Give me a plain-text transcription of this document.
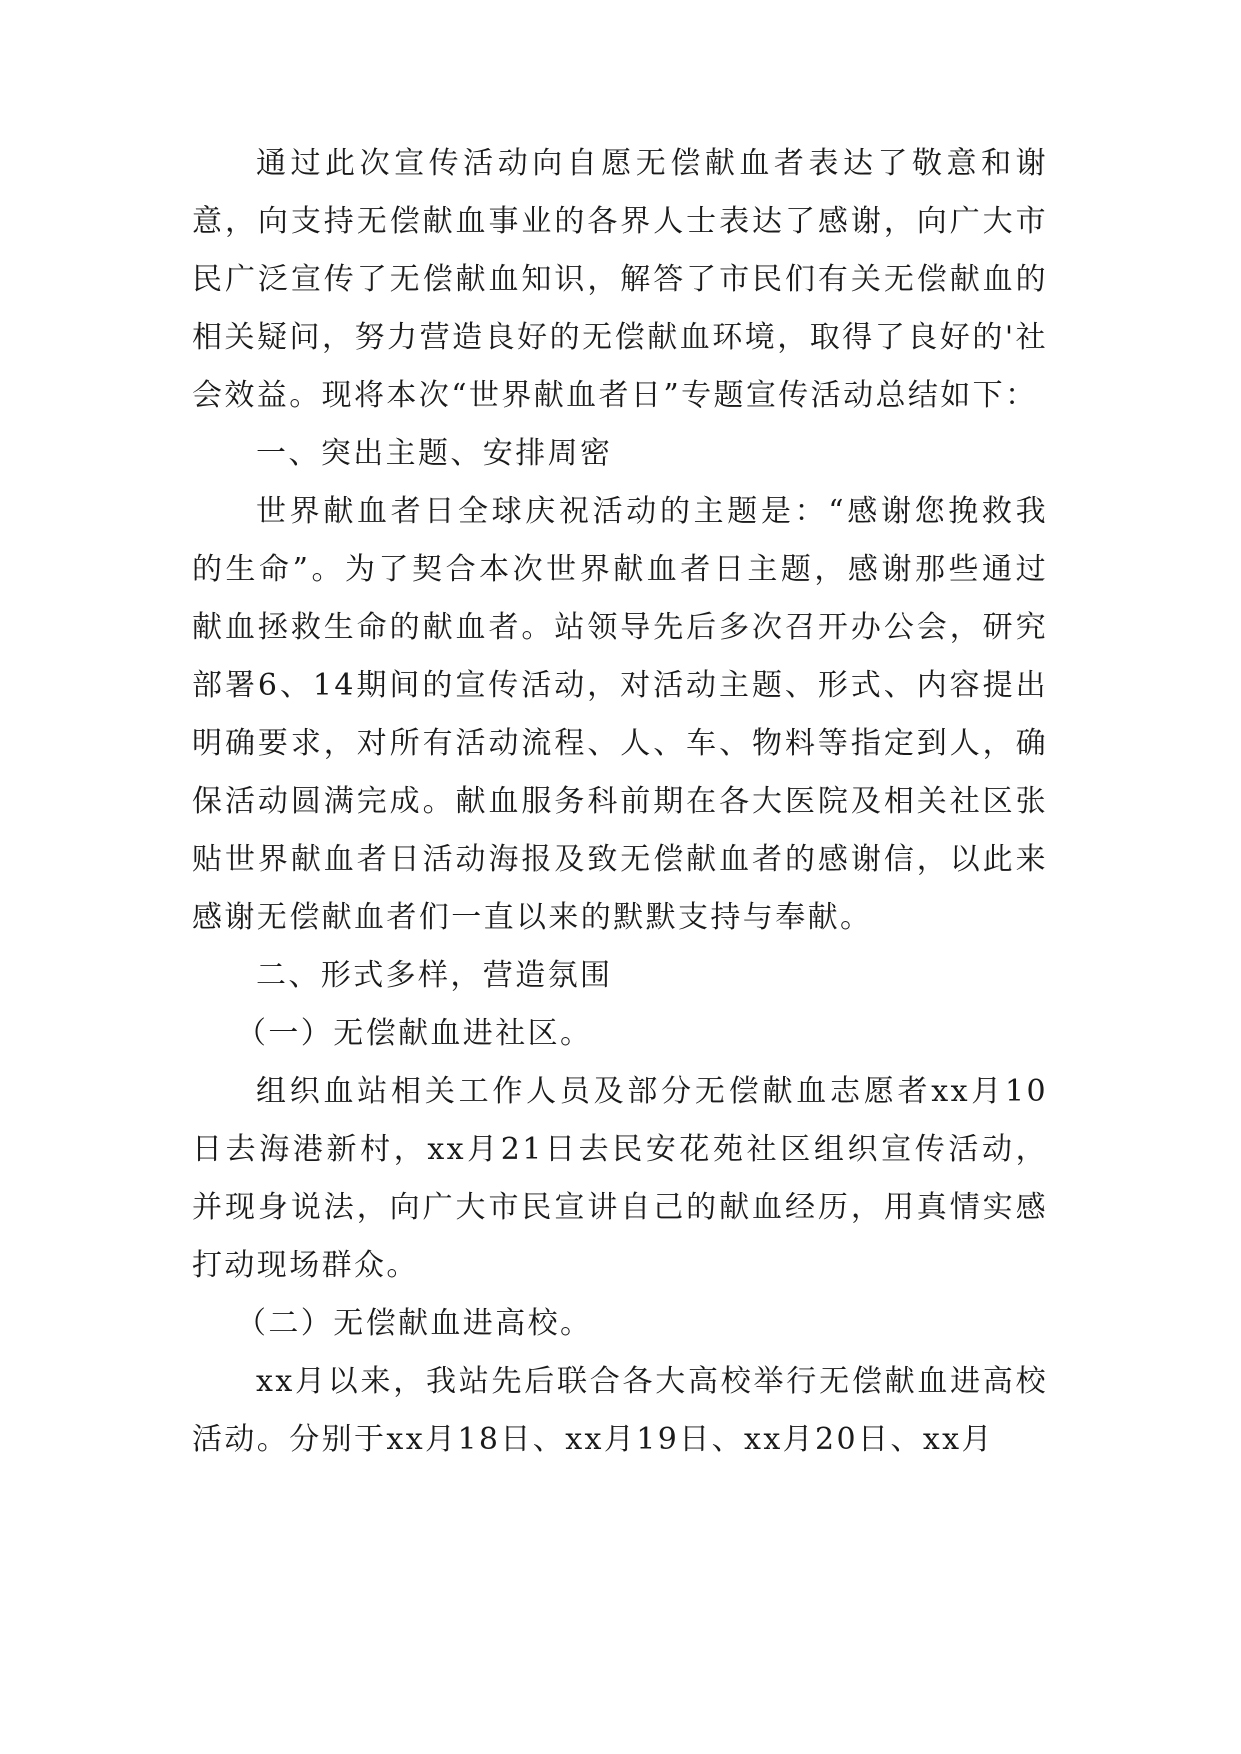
通过此次宣传活动向自愿无偿献血者表达了敬意和谢意，向支持无偿献血事业的各界人士表达了感谢，向广大市民广泛宣传了无偿献血知识，解答了市民们有关无偿献血的相关疑问，努力营造良好的无偿献血环境，取得了良好的'社会效益。现将本次“世界献血者日”专题宣传活动总结如下：

一、突出主题、安排周密

世界献血者日全球庆祝活动的主题是：“感谢您挽救我的生命”。为了契合本次世界献血者日主题，感谢那些通过献血拯救生命的献血者。站领导先后多次召开办公会，研究部署6、14期间的宣传活动，对活动主题、形式、内容提出明确要求，对所有活动流程、人、车、物料等指定到人，确保活动圆满完成。献血服务科前期在各大医院及相关社区张贴世界献血者日活动海报及致无偿献血者的感谢信，以此来感谢无偿献血者们一直以来的默默支持与奉献。

二、形式多样，营造氛围

（一）无偿献血进社区。

组织血站相关工作人员及部分无偿献血志愿者xx月10日去海港新村，xx月21日去民安花苑社区组织宣传活动，并现身说法，向广大市民宣讲自己的献血经历，用真情实感打动现场群众。

（二）无偿献血进高校。

xx月以来，我站先后联合各大高校举行无偿献血进高校活动。分别于xx月18日、xx月19日、xx月20日、xx月
